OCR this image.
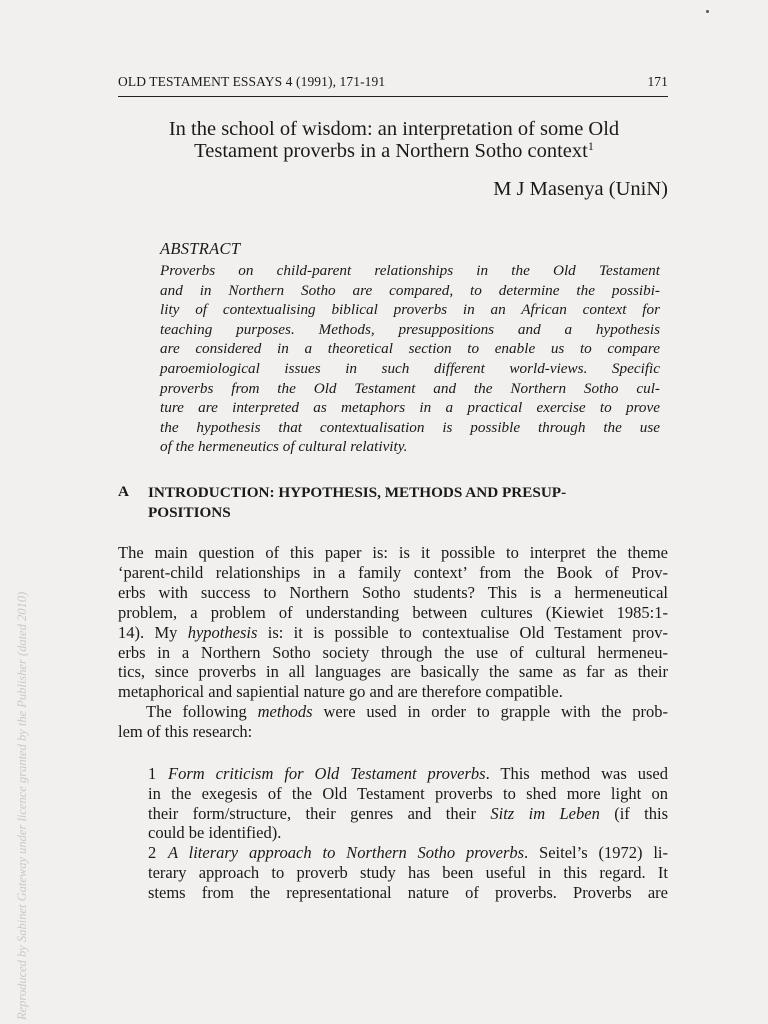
OLD TESTAMENT ESSAYS 4 (1991), 171-191	171
In the school of wisdom: an interpretation of some Old
Testament proverbs in a Northern Sotho context$^1$
M J Masenya (UniN)
ABSTRACT
Proverbs on child-parent relationships in the Old Testament
and in Northern Sotho are compared, to determine the possibi-
lity of contextualising biblical proverbs in an African context for
teaching purposes. Methods, presuppositions and a hypothesis
are considered in a theoretical section to enable us to compare
paroemiological issues in such different world-views. Specific
proverbs from the Old Testament and the Northern Sotho cul-
ture are interpreted as metaphors in a practical exercise to prove
the hypothesis that contextualisation is possible through the use
of the hermeneutics of cultural relativity.
A INTRODUCTION: HYPOTHESIS, METHODS AND PRESUP-
POSITIONS
The main question of this paper is: is it possible to interpret the theme
‘parent-child relationships in a family context’ from the Book of Prov-
erbs with success to Northern Sotho students? This is a hermeneutical
problem, a problem of understanding between cultures (Kiewiet 1985:1-
14). My hypothesis is: it is possible to contextualise Old Testament prov-
erbs in a Northern Sotho society through the use of cultural hermeneu-
tics, since proverbs in all languages are basically the same as far as their
metaphorical and sapiential nature go and are therefore compatible.
The following methods were used in order to grapple with the prob-
lem of this research:
1 Form criticism for Old Testament proverbs. This method was used
in the exegesis of the Old Testament proverbs to shed more light on
their form/structure, their genres and their Sitz im Leben (if this
could be identified).
2 A literary approach to Northern Sotho proverbs. Seitel’s (1972) li-
terary approach to proverb study has been useful in this regard. It
stems from the representational nature of proverbs. Proverbs are
Reproduced by Sabinet Gateway under licence granted by the Publisher (dated 2010)
